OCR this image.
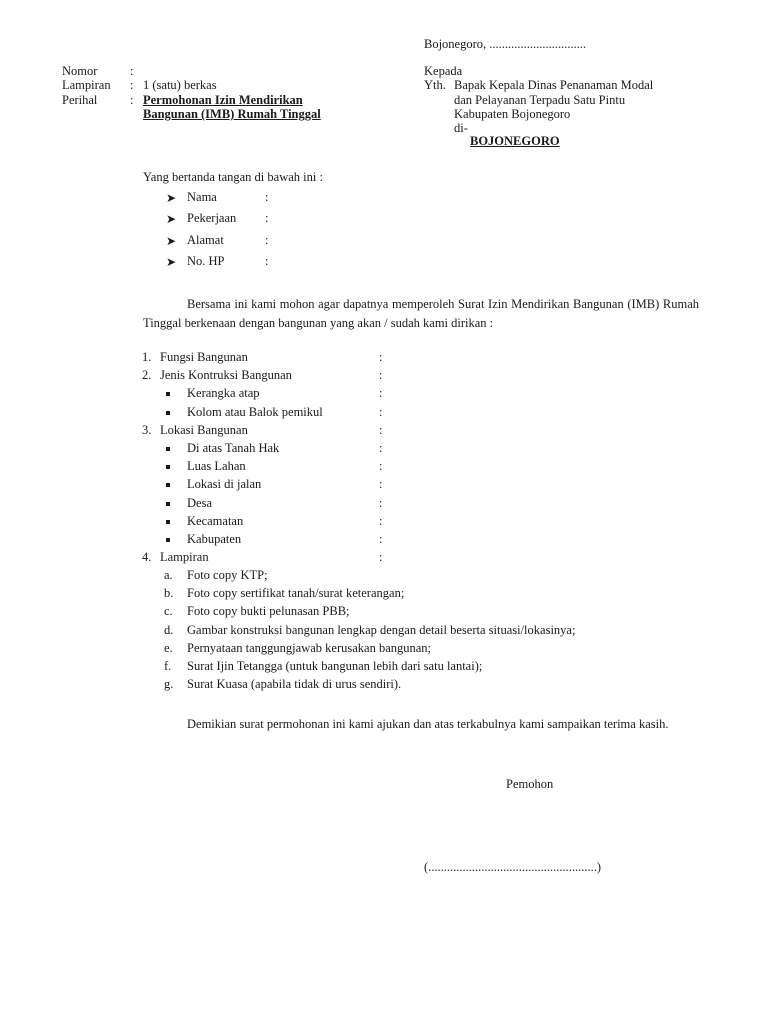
Bojonegoro, ...............................
Nomor	:
Lampiran : 1 (satu) berkas
Perihal	: Permohonan Izin Mendirikan
Bangunan (IMB) Rumah Tinggal
Kepada
Yth. Bapak Kepala Dinas Penanaman Modal
dan Pelayanan Terpadu Satu Pintu
Kabupaten Bojonegoro
di-
BOJONEGORO
Yang bertanda tangan di bawah ini :
➤ Nama	:
➤ Pekerjaan :
➤ Alamat	:
➤ No. HP	:
Bersama ini kami mohon agar dapatnya memperoleh Surat Izin Mendirikan Bangunan (IMB) Rumah Tinggal berkenaan dengan bangunan yang akan / sudah kami dirikan :
1. Fungsi Bangunan	:
2. Jenis Kontruksi Bangunan	:
Kerangka atap	:
Kolom atau Balok pemikul	:
3. Lokasi Bangunan	:
Di atas Tanah Hak	:
Luas Lahan	:
Lokasi di jalan	:
Desa	:
Kecamatan	:
Kabupaten	:
4. Lampiran	:
a. Foto copy KTP;
b. Foto copy sertifikat tanah/surat keterangan;
c. Foto copy bukti pelunasan PBB;
d. Gambar konstruksi bangunan lengkap dengan detail beserta situasi/lokasinya;
e. Pernyataan tanggungjawab kerusakan bangunan;
f. Surat Ijin Tetangga (untuk bangunan lebih dari satu lantai);
g. Surat Kuasa (apabila tidak di urus sendiri).
Demikian surat permohonan ini kami ajukan dan atas terkabulnya kami sampaikan terima kasih.
Pemohon
(......................................................)
